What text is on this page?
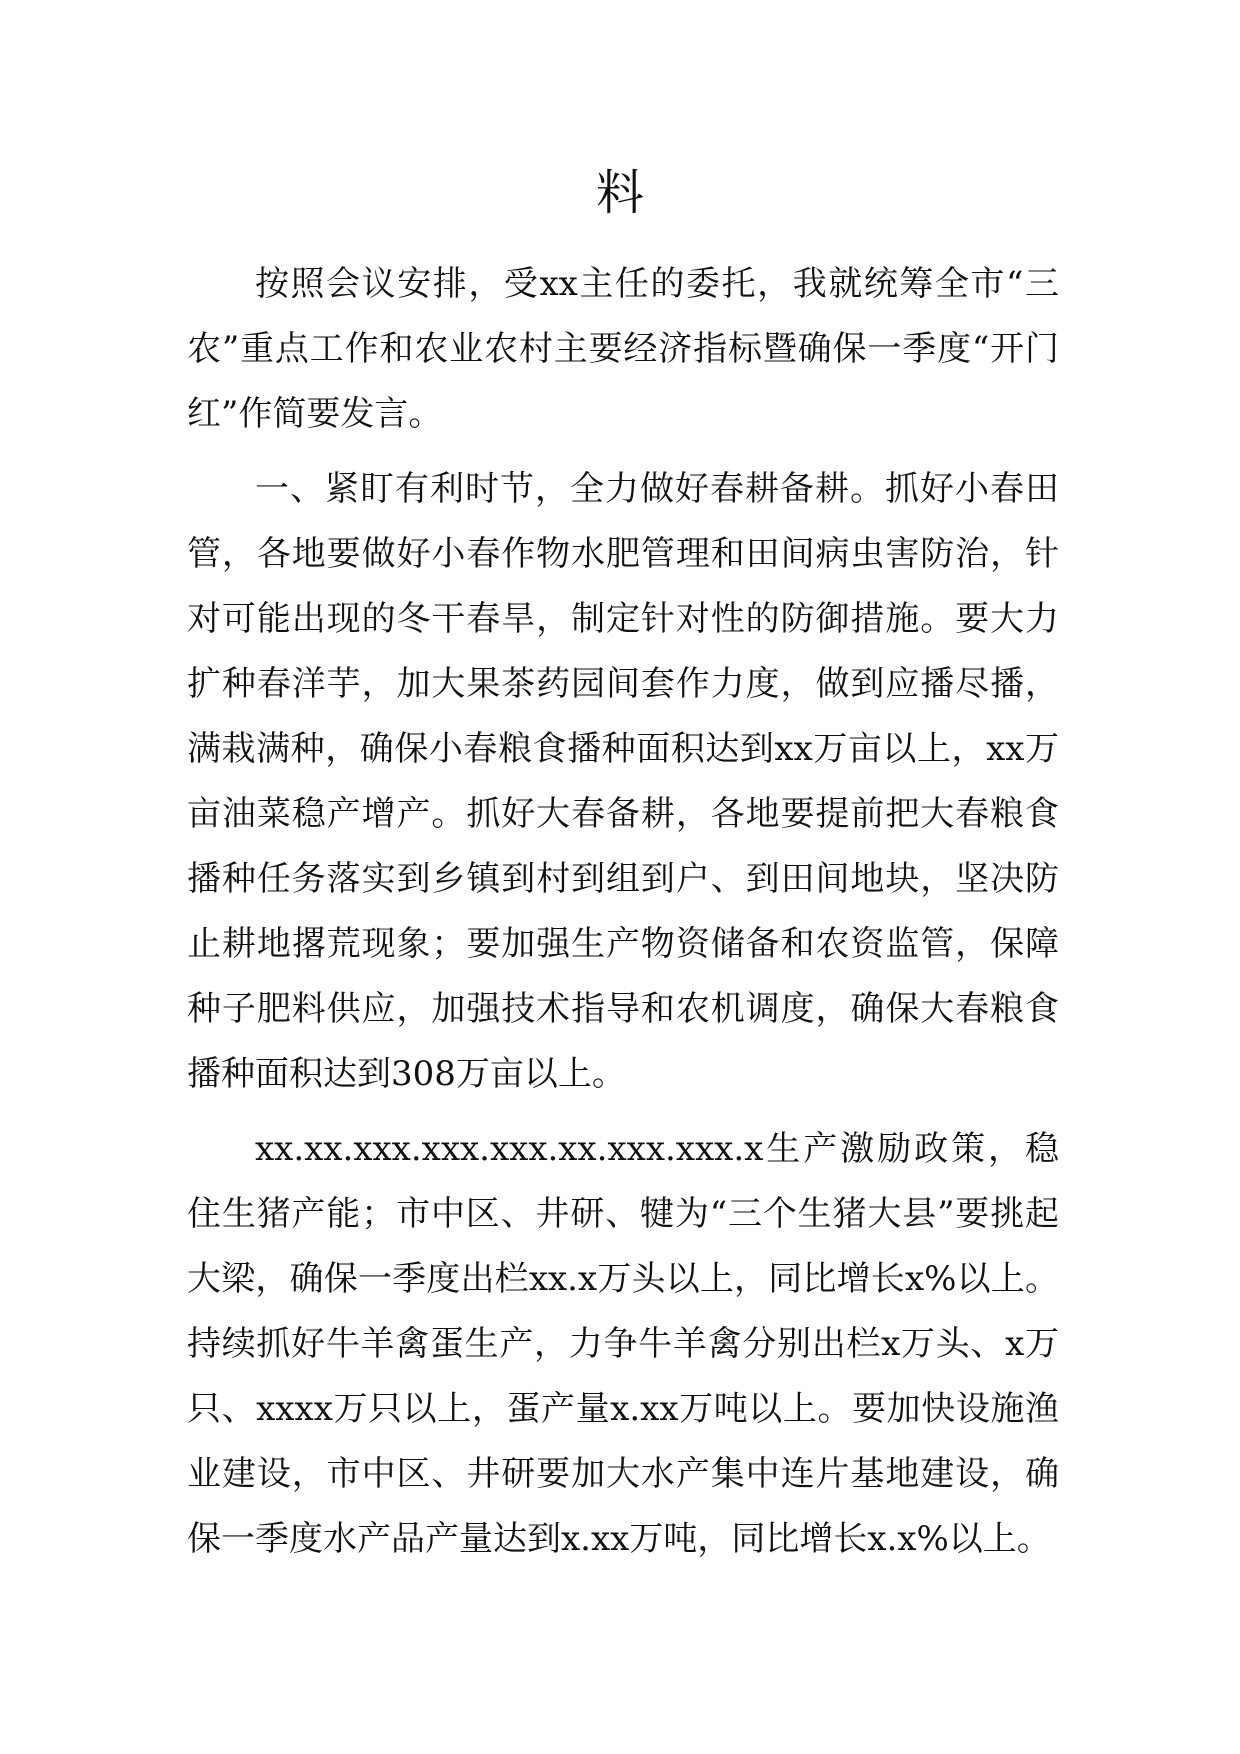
料

按照会议安排，受xx主任的委托，我就统筹全市“三农”重点工作和农业农村主要经济指标暨确保一季度“开门红”作简要发言。

一、紧盯有利时节，全力做好春耕备耕。抓好小春田管，各地要做好小春作物水肥管理和田间病虫害防治，针对可能出现的冬干春旱，制定针对性的防御措施。要大力扩种春洋芋，加大果茶药园间套作力度，做到应播尽播，满栽满种，确保小春粮食播种面积达到xx万亩以上，xx万亩油菜稳产增产。抓好大春备耕，各地要提前把大春粮食播种任务落实到乡镇到村到组到户、到田间地块，坚决防止耕地撂荒现象；要加强生产物资储备和农资监管，保障种子肥料供应，加强技术指导和农机调度，确保大春粮食播种面积达到308万亩以上。

xx.xx.xxx.xxx.xxx.xx.xxx.xxx.x生产激励政策，稳住生猪产能；市中区、井研、犍为“三个生猪大县”要挑起大梁，确保一季度出栏xx.x万头以上，同比增长x%以上。持续抓好牛羊禽蛋生产，力争牛羊禽分别出栏x万头、x万只、xxxx万只以上，蛋产量x.xx万吨以上。要加快设施渔业建设，市中区、井研要加大水产集中连片基地建设，确保一季度水产品产量达到x.xx万吨，同比增长x.x%以上。
